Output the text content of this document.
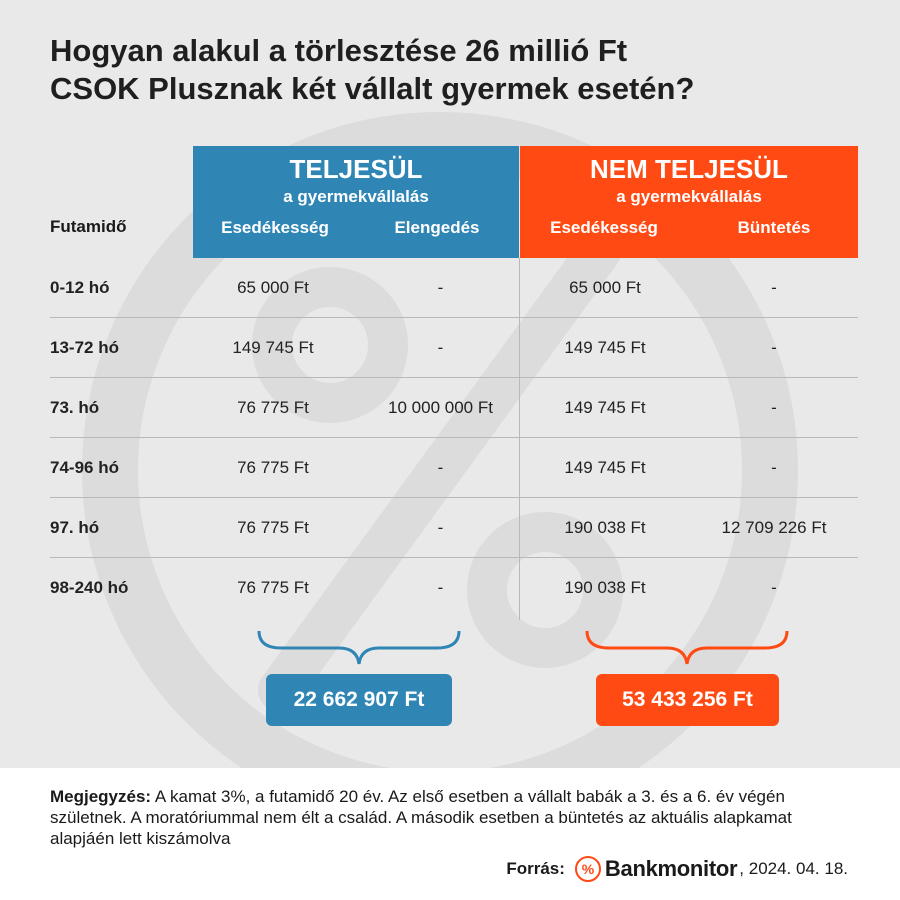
Hogyan alakul a törlesztése 26 millió Ft
CSOK Plusznak két vállalt gyermek esetén?
TELJESÜL
a gyermekvállalás
Esedékesség	Elengedés
NEM TELJESÜL
a gyermekvállalás
Esedékesség	Büntetés
Futamidő
0-12 hó	65 000 Ft	-	65 000 Ft	-
13-72 hó	149 745 Ft	-	149 745 Ft	-
73. hó	76 775 Ft	10 000 000 Ft	149 745 Ft	-
74-96 hó	76 775 Ft	-	149 745 Ft	-
97. hó	76 775 Ft	-	190 038 Ft	12 709 226 Ft
98-240 hó	76 775 Ft	-	190 038 Ft	-
22 662 907 Ft	53 433 256 Ft
Megjegyzés: A kamat 3%, a futamidő 20 év. Az első esetben a vállalt babák a 3. és a 6. év végén születnek. A moratóriummal nem élt a család. A második esetben a büntetés az aktuális alapkamat alapjáén lett kiszámolva
Forrás:	% Bankmonitor , 2024. 04. 18.
